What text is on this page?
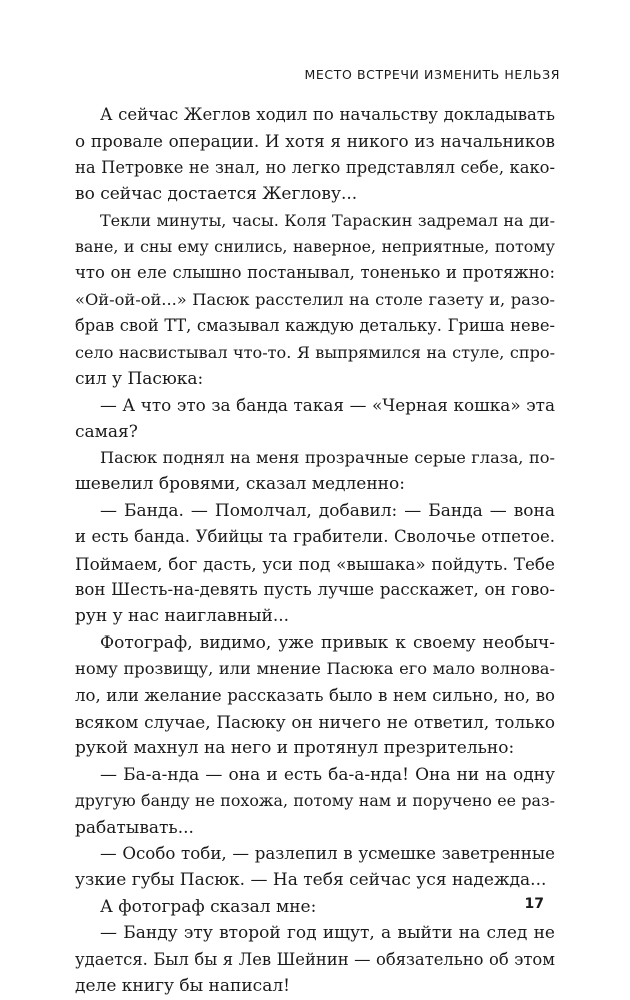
МЕСТО ВСТРЕЧИ ИЗМЕНИТЬ НЕЛЬЗЯ
А сейчас Жеглов ходил по начальству докладывать
о провале операции. И хотя я никого из начальников
на Петровке не знал, но легко представлял себе, како-
во сейчас достается Жеглову...
Текли минуты, часы. Коля Тараскин задремал на ди-
ване, и сны ему снились, наверное, неприятные, потому
что он еле слышно постанывал, тоненько и протяжно:
«Ой-ой-ой...» Пасюк расстелил на столе газету и, разо-
брав свой ТТ, смазывал каждую детальку. Гриша неве-
село насвистывал что-то. Я выпрямился на стуле, спро-
сил у Пасюка:
— А что это за банда такая — «Черная кошка» эта
самая?
Пасюк поднял на меня прозрачные серые глаза, по-
шевелил бровями, сказал медленно:
— Банда. — Помолчал, добавил: — Банда — вона
и есть банда. Убийцы та грабители. Сволочье отпетое.
Поймаем, бог дасть, уси под «вышака» пойдуть. Тебе
вон Шесть-на-девять пусть лучше расскажет, он гово-
рун у нас наиглавный...
Фотограф, видимо, уже привык к своему необыч-
ному прозвищу, или мнение Пасюка его мало волнова-
ло, или желание рассказать было в нем сильно, но, во
всяком случае, Пасюку он ничего не ответил, только
рукой махнул на него и протянул презрительно:
— Ба-а-нда — она и есть ба-а-нда! Она ни на одну
другую банду не похожа, потому нам и поручено ее раз-
рабатывать...
— Особо тоби, — разлепил в усмешке заветренные
узкие губы Пасюк. — На тебя сейчас уся надежда...
А фотограф сказал мне:
— Банду эту второй год ищут, а выйти на след не
удается. Был бы я Лев Шейнин — обязательно об этом
деле книгу бы написал!
17
